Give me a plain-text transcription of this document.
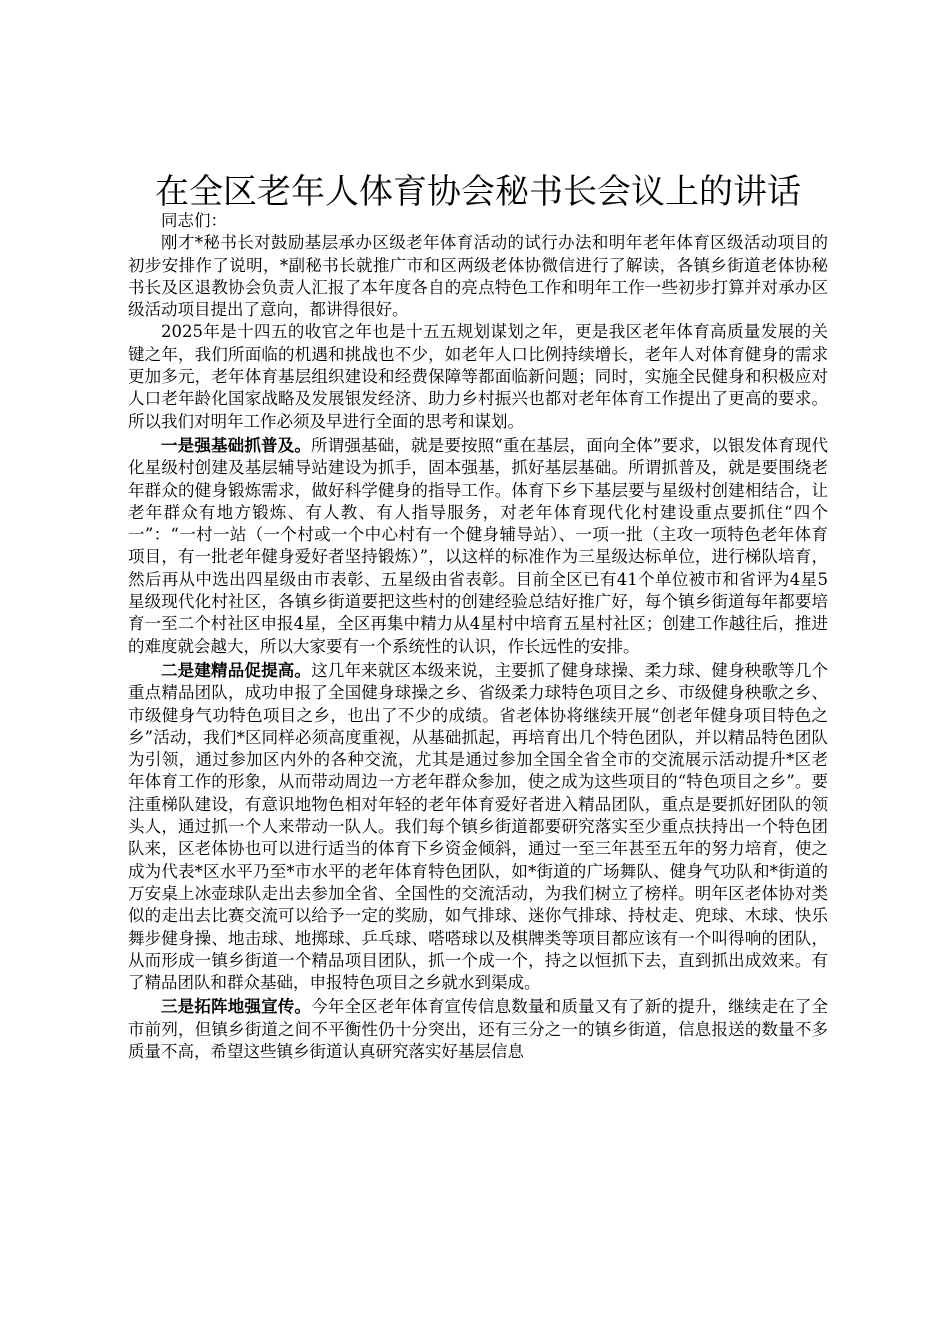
在全区老年人体育协会秘书长会议上的讲话

同志们：

刚才*秘书长对鼓励基层承办区级老年体育活动的试行办法和明年老年体育区级活动项目的初步安排作了说明，*副秘书长就推广市和区两级老体协微信进行了解读，各镇乡街道老体协秘书长及区退教协会负责人汇报了本年度各自的亮点特色工作和明年工作一些初步打算并对承办区级活动项目提出了意向，都讲得很好。

2025年是十四五的收官之年也是十五五规划谋划之年，更是我区老年体育高质量发展的关键之年，我们所面临的机遇和挑战也不少，如老年人口比例持续增长，老年人对体育健身的需求更加多元，老年体育基层组织建设和经费保障等都面临新问题；同时，实施全民健身和积极应对人口老年龄化国家战略及发展银发经济、助力乡村振兴也都对老年体育工作提出了更高的要求。所以我们对明年工作必须及早进行全面的思考和谋划。

一是强基础抓普及。所谓强基础，就是要按照“重在基层，面向全体”要求，以银发体育现代化星级村创建及基层辅导站建设为抓手，固本强基，抓好基层基础。所谓抓普及，就是要围绕老年群众的健身锻炼需求，做好科学健身的指导工作。体育下乡下基层要与星级村创建相结合，让老年群众有地方锻炼、有人教、有人指导服务，对老年体育现代化村建设重点要抓住“四个一”：“一村一站（一个村或一个中心村有一个健身辅导站）、一项一批（主攻一项特色老年体育项目，有一批老年健身爱好者坚持锻炼）”，以这样的标准作为三星级达标单位，进行梯队培育，然后再从中选出四星级由市表彰、五星级由省表彰。目前全区已有41个单位被市和省评为4星5星级现代化村社区，各镇乡街道要把这些村的创建经验总结好推广好，每个镇乡街道每年都要培育一至二个村社区申报4星，全区再集中精力从4星村中培育五星村社区；创建工作越往后，推进的难度就会越大，所以大家要有一个系统性的认识，作长远性的安排。

二是建精品促提高。这几年来就区本级来说，主要抓了健身球操、柔力球、健身秧歌等几个重点精品团队，成功申报了全国健身球操之乡、省级柔力球特色项目之乡、市级健身秧歌之乡、市级健身气功特色项目之乡，也出了不少的成绩。省老体协将继续开展“创老年健身项目特色之乡”活动，我们*区同样必须高度重视，从基础抓起，再培育出几个特色团队，并以精品特色团队为引领，通过参加区内外的各种交流，尤其是通过参加全国全省全市的交流展示活动提升*区老年体育工作的形象，从而带动周边一方老年群众参加，使之成为这些项目的“特色项目之乡”。要注重梯队建设，有意识地物色相对年轻的老年体育爱好者进入精品团队，重点是要抓好团队的领头人，通过抓一个人来带动一队人。我们每个镇乡街道都要研究落实至少重点扶持出一个特色团队来，区老体协也可以进行适当的体育下乡资金倾斜，通过一至三年甚至五年的努力培育，使之成为代表*区水平乃至*市水平的老年体育特色团队，如*街道的广场舞队、健身气功队和*街道的万安桌上冰壶球队走出去参加全省、全国性的交流活动，为我们树立了榜样。明年区老体协对类似的走出去比赛交流可以给予一定的奖励，如气排球、迷你气排球、持杖走、兜球、木球、快乐舞步健身操、地击球、地掷球、乒乓球、嗒嗒球以及棋牌类等项目都应该有一个叫得响的团队，从而形成一镇乡街道一个精品项目团队，抓一个成一个，持之以恒抓下去，直到抓出成效来。有了精品团队和群众基础，申报特色项目之乡就水到渠成。

三是拓阵地强宣传。今年全区老年体育宣传信息数量和质量又有了新的提升，继续走在了全市前列，但镇乡街道之间不平衡性仍十分突出，还有三分之一的镇乡街道，信息报送的数量不多质量不高，希望这些镇乡街道认真研究落实好基层信息
